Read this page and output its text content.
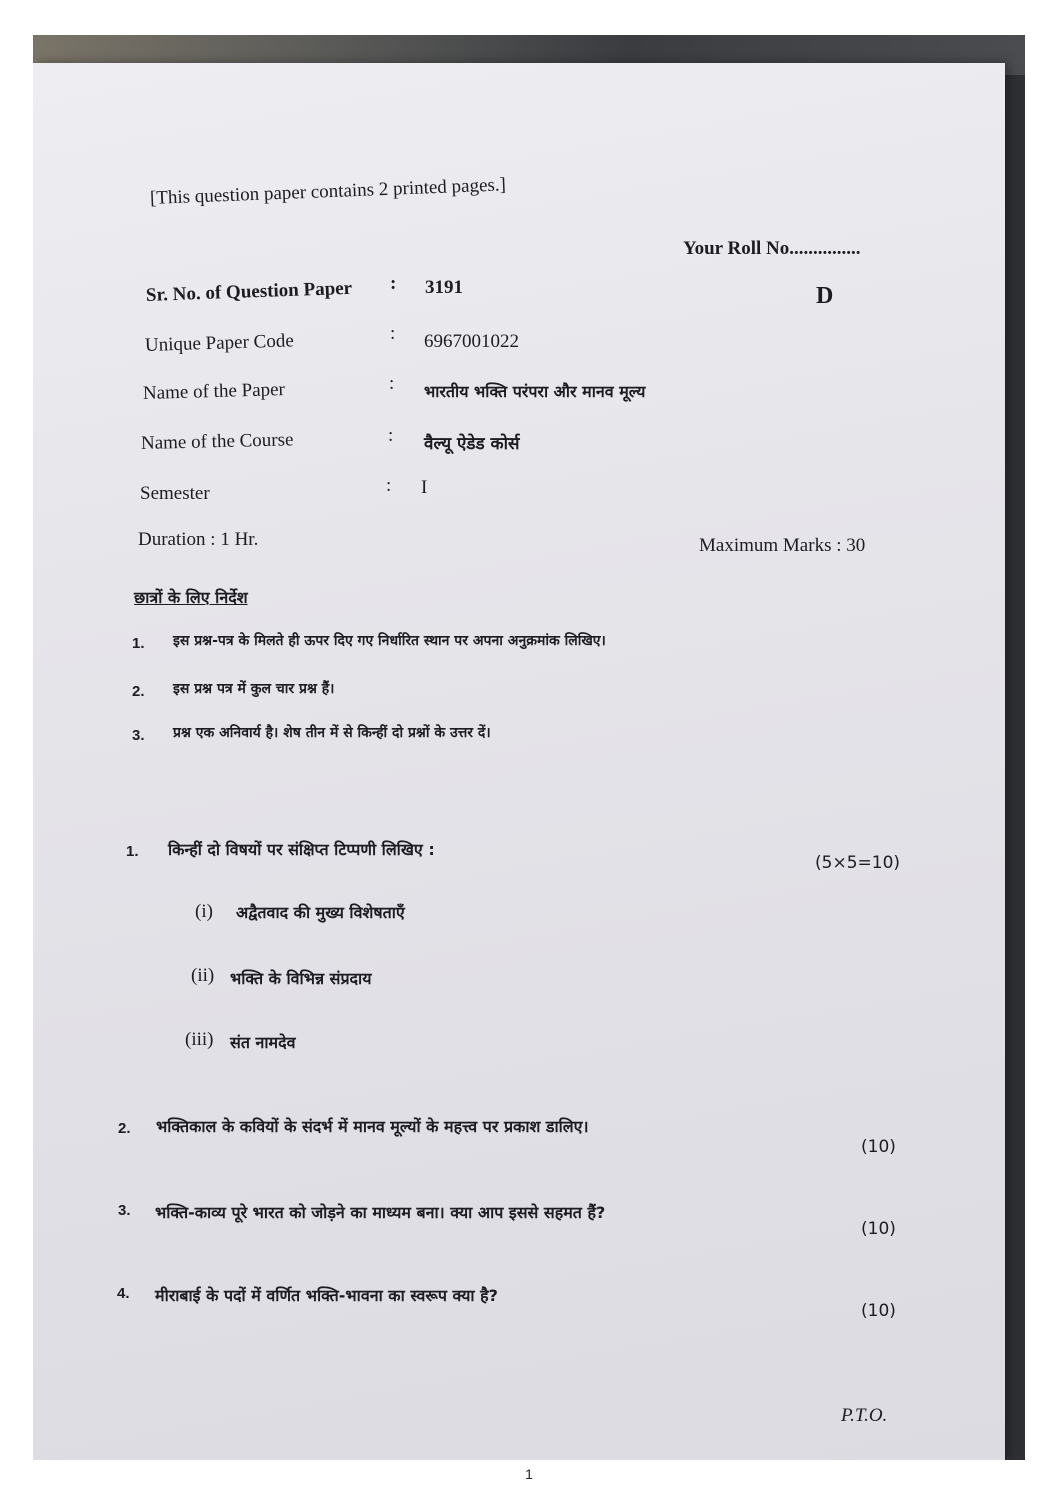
[This question paper contains 2 printed pages.]
Your Roll No...............
Sr. No. of Question Paper : 3191	D
Unique Paper Code	: 6967001022
Name of the Paper	: भारतीय भक्ति परंपरा और मानव मूल्य
Name of the Course	: वैल्यू ऐडेड कोर्स
Semester	: I
Duration : 1 Hr.	Maximum Marks : 30
छात्रों के लिए निर्देश
1. इस प्रश्न-पत्र के मिलते ही ऊपर दिए गए निर्धारित स्थान पर अपना अनुक्रमांक लिखिए।
2. इस प्रश्न पत्र में कुल चार प्रश्न हैं।
3. प्रश्न एक अनिवार्य है। शेष तीन में से किन्हीं दो प्रश्नों के उत्तर दें।
1. किन्हीं दो विषयों पर संक्षिप्त टिप्पणी लिखिए :
(5×5=10)
(i) अद्वैतवाद की मुख्य विशेषताएँ
(ii) भक्ति के विभिन्न संप्रदाय
(iii) संत नामदेव
2. भक्तिकाल के कवियों के संदर्भ में मानव मूल्यों के महत्त्व पर प्रकाश डालिए।
(10)
3. भक्ति-काव्य पूरे भारत को जोड़ने का माध्यम बना। क्या आप इससे सहमत हैं?
(10)
4. मीराबाई के पदों में वर्णित भक्ति-भावना का स्वरूप क्या है?
(10)
P.T.O.
1
